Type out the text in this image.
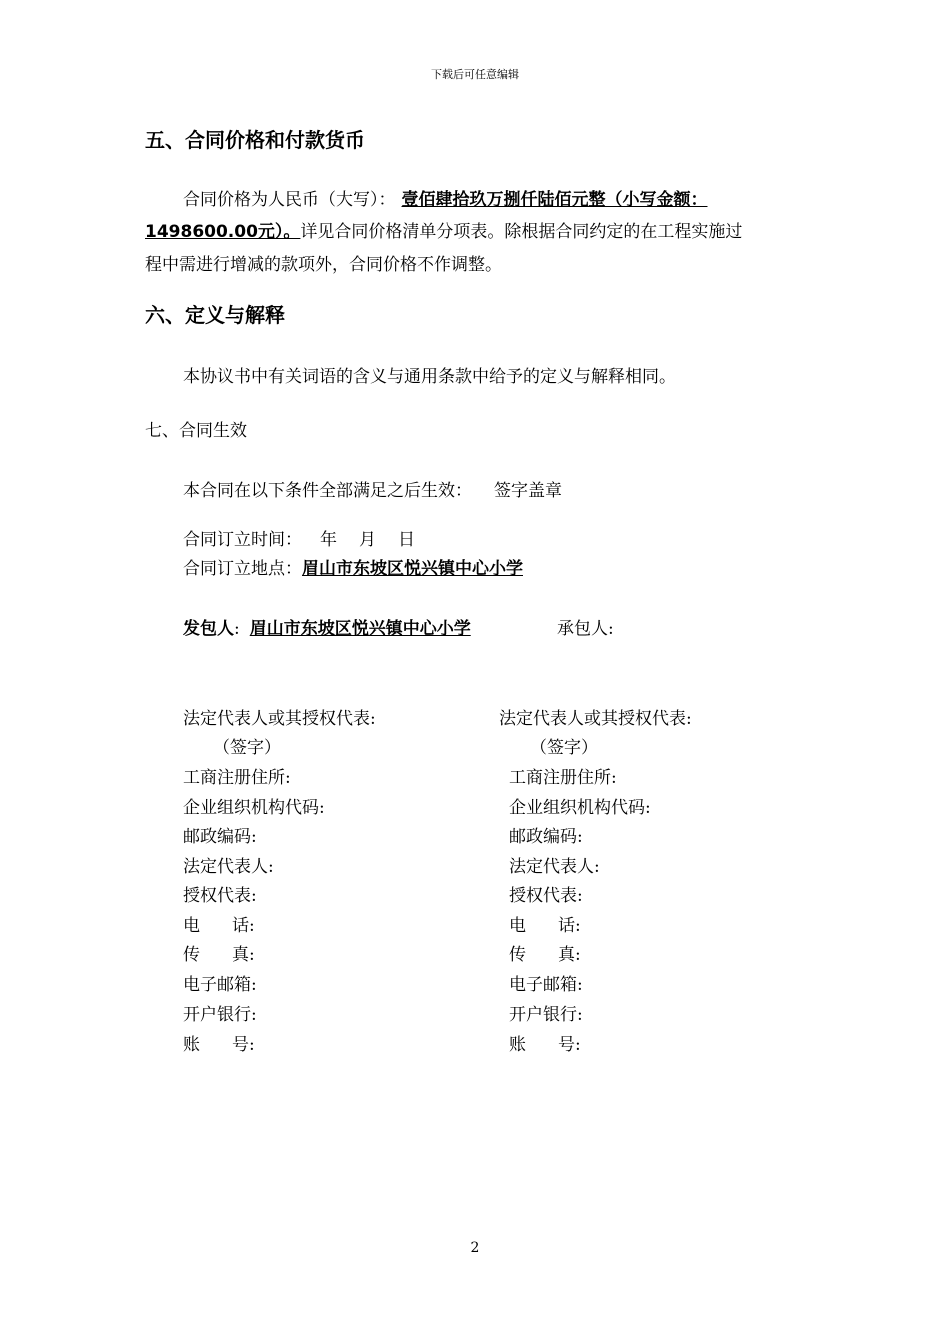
下载后可任意编辑
五、合同价格和付款货币
合同价格为人民币（大写）： 壹佰肆拾玖万捌仟陆佰元整（小写金额：
1498600.00元）。详见合同价格清单分项表。除根据合同约定的在工程实施过
程中需进行增减的款项外，合同价格不作调整。
六、定义与解释
本协议书中有关词语的含义与通用条款中给予的定义与解释相同。
七、合同生效
本合同在以下条件全部满足之后生效： 签字盖章
合同订立时间： 年 月 日
合同订立地点：眉山市东坡区悦兴镇中心小学
发包人: 眉山市东坡区悦兴镇中心小学	承包人:
法定代表人或其授权代表:
（签字）
工商注册住所:
企业组织机构代码:
邮政编码:
法定代表人:
授权代表:
电 话:
传 真:
电子邮箱:
开户银行:
账 号:
法定代表人或其授权代表:
（签字）
工商注册住所:
企业组织机构代码:
邮政编码:
法定代表人:
授权代表:
电 话:
传 真:
电子邮箱:
开户银行:
账 号:
2
